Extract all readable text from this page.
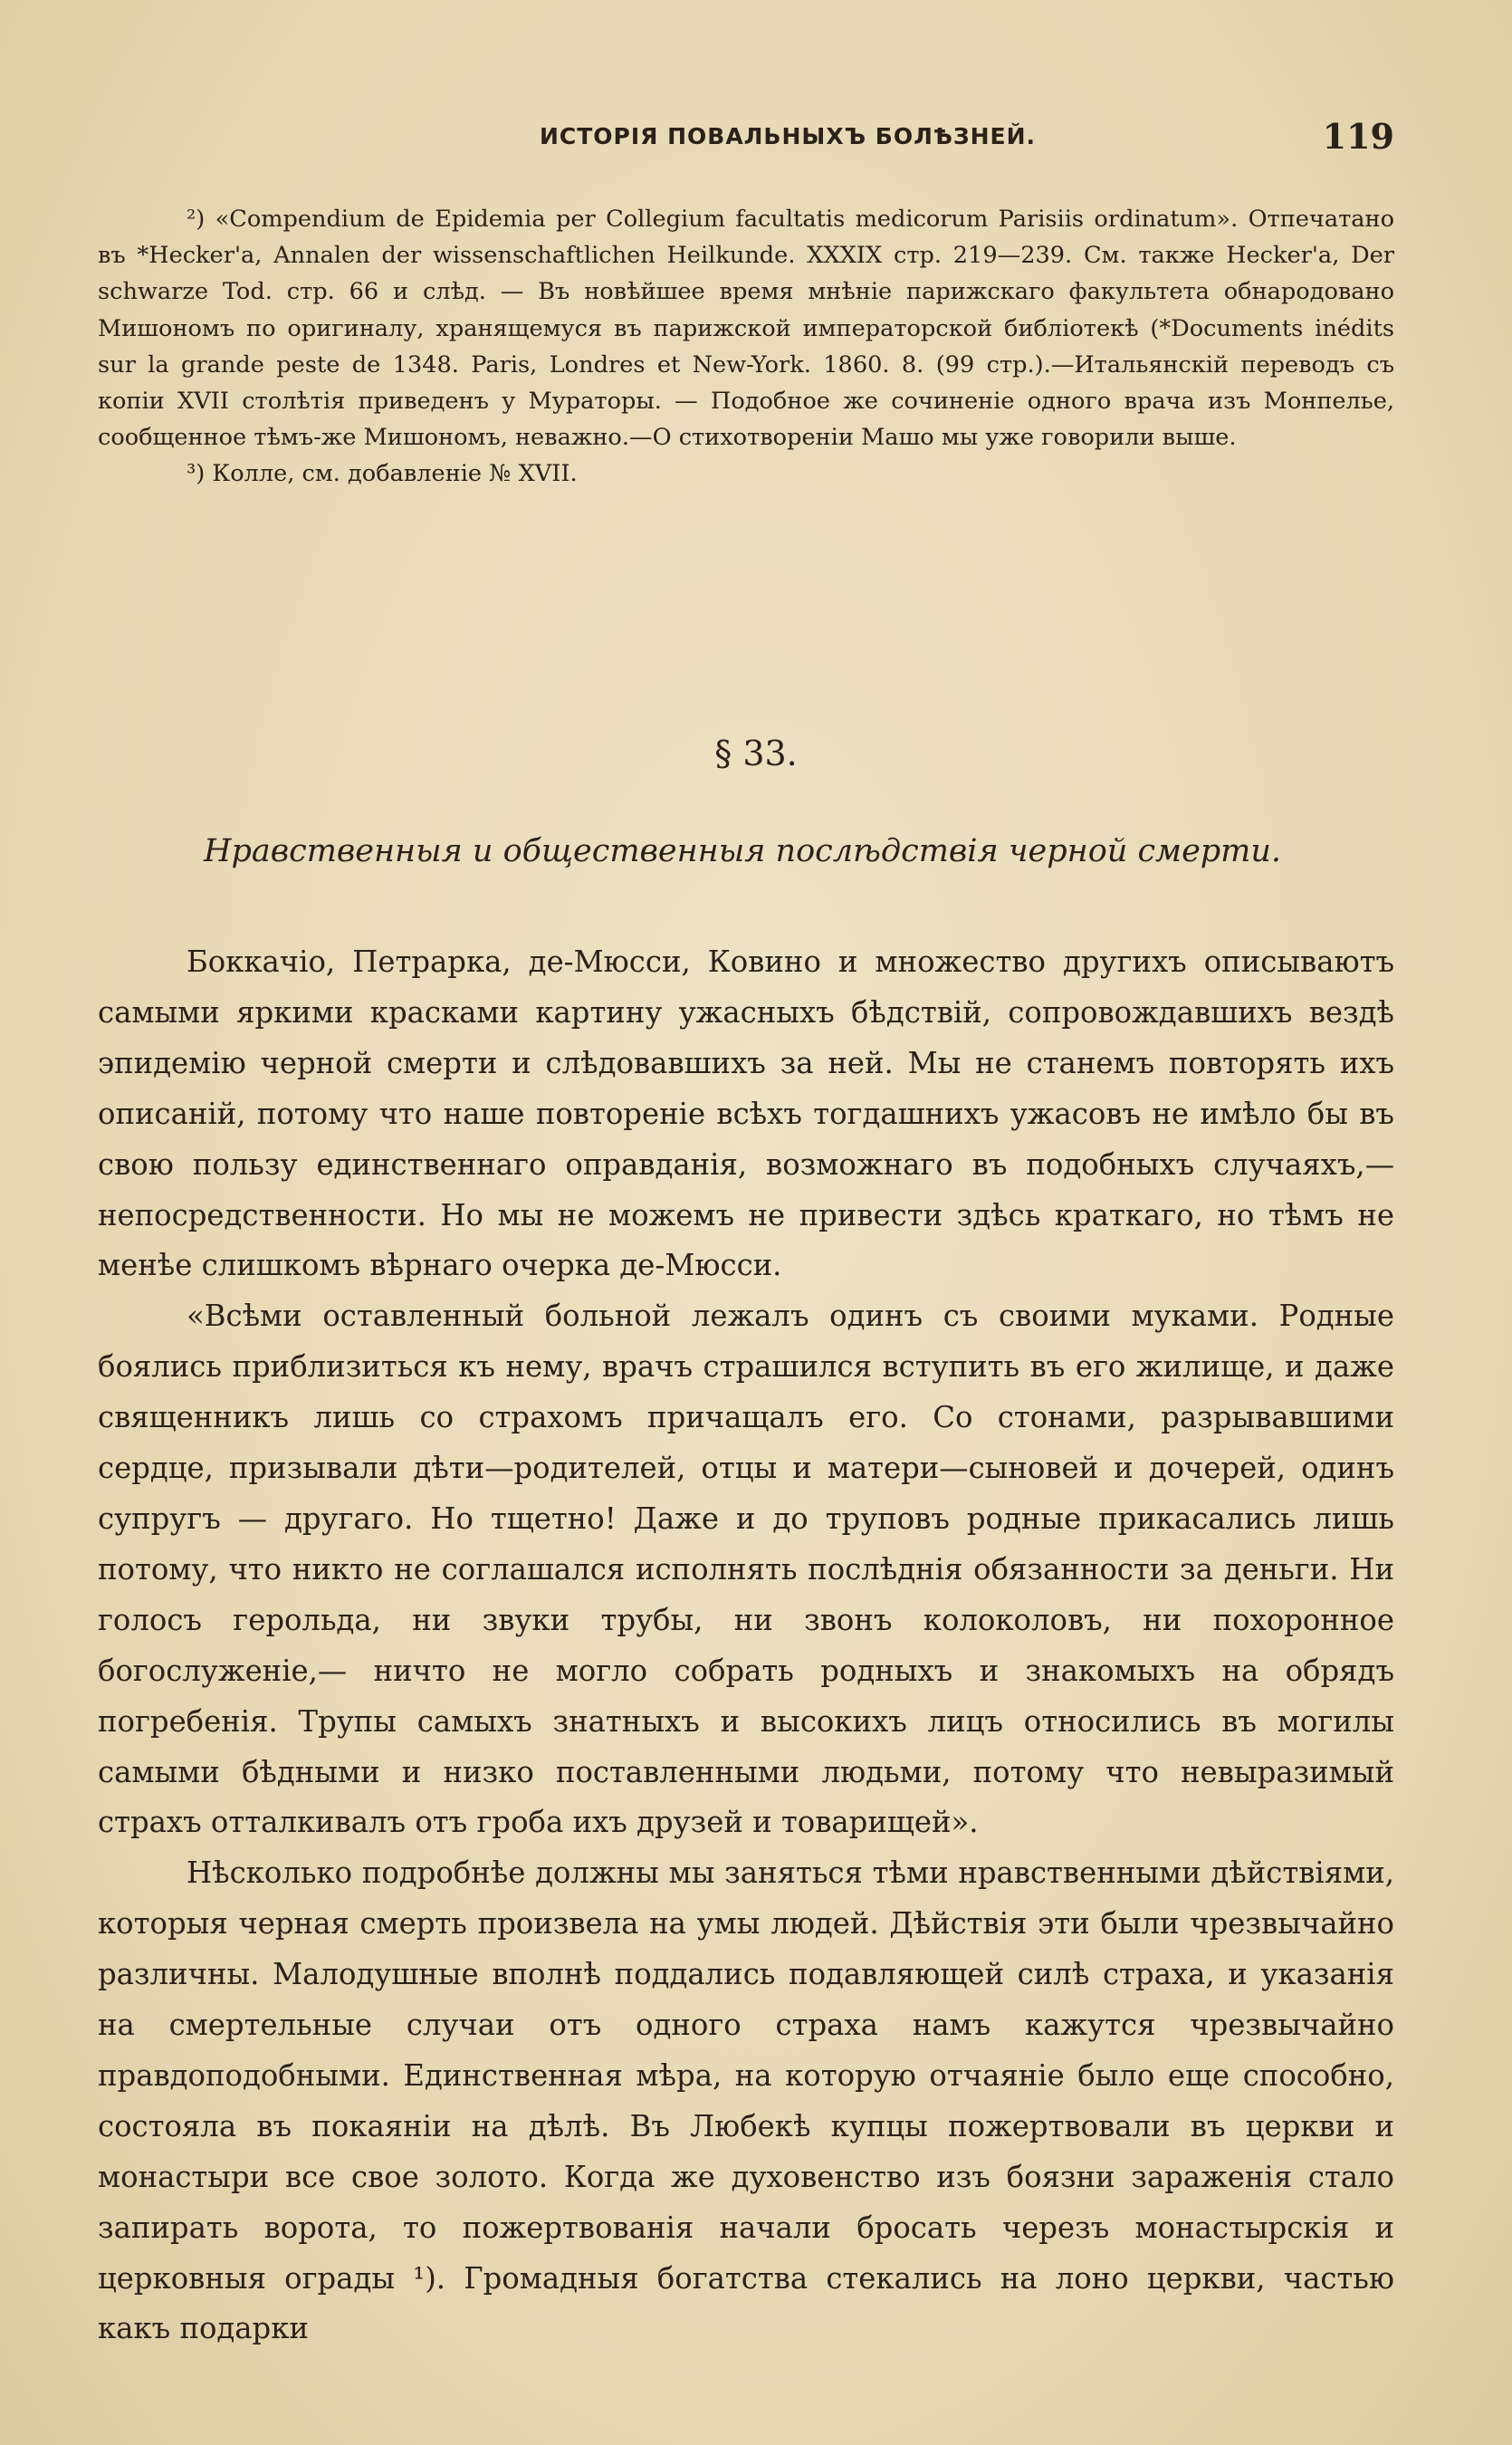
ИСТОРІЯ ПОВАЛЬНЫХЪ БОЛѢЗНЕЙ.	119

²) «Compendium de Epidemia per Collegium facultatis medicorum Parisiis ordinatum». Отпечатано въ *Hecker'а, Annalen der wissenschaftlichen Heilkunde. XXXIX стр. 219—239. См. также Hecker'а, Der schwarze Tod. стр. 66 и слѣд. — Въ новѣйшее время мнѣніе парижскаго факультета обнародовано Мишономъ по оригиналу, хранящемуся въ парижской императорской библіотекѣ (*Documents inédits sur la grande peste de 1348. Paris, Londres et New-York. 1860. 8. (99 стр.).—Итальянскій переводъ съ копіи XVII столѣтія приведенъ у Мураторы. — Подобное же сочиненіе одного врача изъ Монпелье, сообщенное тѣмъ-же Мишономъ, неважно.—О стихотвореніи Машо мы уже говорили выше.

³) Колле, см. добавленіе № XVII.

§ 33.
Нравственныя и общественныя послѣдствія черной смерти.

Боккачіо, Петрарка, де-Мюсси, Ковино и множество другихъ описываютъ самыми яркими красками картину ужасныхъ бѣдствій, сопровождавшихъ вездѣ эпидемію черной смерти и слѣдовавшихъ за ней. Мы не станемъ повторять ихъ описаній, потому что наше повтореніе всѣхъ тогдашнихъ ужасовъ не имѣло бы въ свою пользу единственнаго оправданія, возможнаго въ подобныхъ случаяхъ,— непосредственности. Но мы не можемъ не привести здѣсь краткаго, но тѣмъ не менѣе слишкомъ вѣрнаго очерка де-Мюсси.

«Всѣми оставленный больной лежалъ одинъ съ своими муками. Родные боялись приблизиться къ нему, врачъ страшился вступить въ его жилище, и даже священникъ лишь со страхомъ причащалъ его. Со стонами, разрывавшими сердце, призывали дѣти—родителей, отцы и матери—сыновей и дочерей, одинъ супругъ — другаго. Но тщетно! Даже и до труповъ родные прикасались лишь потому, что никто не соглашался исполнять послѣднія обязанности за деньги. Ни голосъ герольда, ни звуки трубы, ни звонъ колоколовъ, ни похоронное богослуженіе,— ничто не могло собрать родныхъ и знакомыхъ на обрядъ погребенія. Трупы самыхъ знатныхъ и высокихъ лицъ относились въ могилы самыми бѣдными и низко поставленными людьми, потому что невыразимый страхъ отталкивалъ отъ гроба ихъ друзей и товарищей».

Нѣсколько подробнѣе должны мы заняться тѣми нравственными дѣйствіями, которыя черная смерть произвела на умы людей. Дѣйствія эти были чрезвычайно различны. Малодушные вполнѣ поддались подавляющей силѣ страха, и указанія на смертельные случаи отъ одного страха намъ кажутся чрезвычайно правдоподобными. Единственная мѣра, на которую отчаяніе было еще способно, состояла въ покаяніи на дѣлѣ. Въ Любекѣ купцы пожертвовали въ церкви и монастыри все свое золото. Когда же духовенство изъ боязни зараженія стало запирать ворота, то пожертвованія начали бросать черезъ монастырскія и церковныя ограды ¹). Громадныя богатства стекались на лоно церкви, частью какъ подарки
